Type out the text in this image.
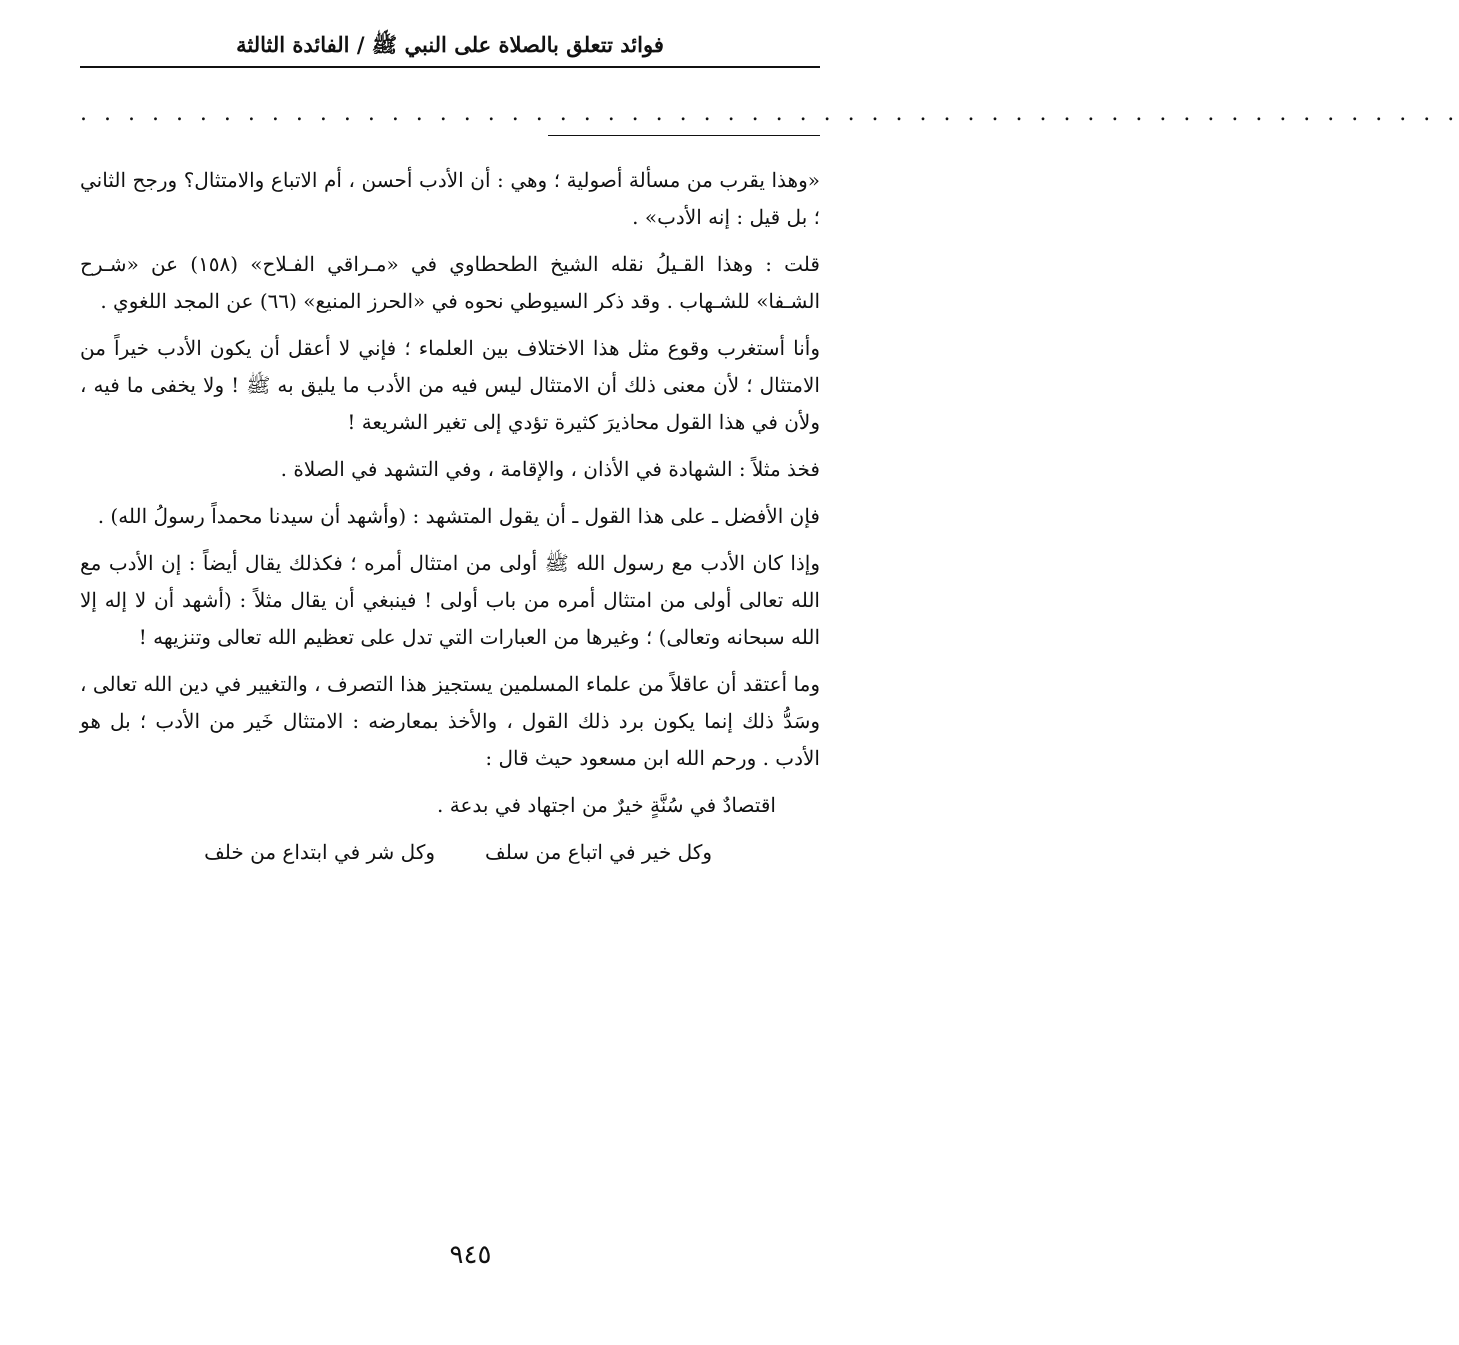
فوائد تتعلق بالصلاة على النبي ﷺ / الفائدة الثالثة
. . . . . . . . . . . . . . . . . . . . . . . . . . . . . . . . . . . . . . . . . . . . . . . . . . . . . . . . . .

«وهذا يقرب من مسألة أصولية ؛ وهي : أن الأدب أحسن ، أم الاتباع والامتثال؟ ورجح الثاني ؛ بل قيل : إنه الأدب» .

قلت : وهذا القـيلُ نقله الشيخ الطحطاوي في «مـراقي الفـلاح» (١٥٨) عن «شـرح الشـفا» للشـهاب . وقد ذكر السيوطي نحوه في «الحرز المنيع» (٦٦) عن المجد اللغوي .

وأنا أستغرب وقوع مثل هذا الاختلاف بين العلماء ؛ فإني لا أعقل أن يكون الأدب خيراً من الامتثال ؛ لأن معنى ذلك أن الامتثال ليس فيه من الأدب ما يليق به ﷺ ! ولا يخفى ما فيه ، ولأن في هذا القول محاذيرَ كثيرة تؤدي إلى تغير الشريعة !

فخذ مثلاً : الشهادة في الأذان ، والإقامة ، وفي التشهد في الصلاة .

فإن الأفضل ـ على هذا القول ـ أن يقول المتشهد : (وأشهد أن سيدنا محمداً رسولُ الله) .

وإذا كان الأدب مع رسول الله ﷺ أولى من امتثال أمره ؛ فكذلك يقال أيضاً : إن الأدب مع الله تعالى أولى من امتثال أمره من باب أولى ! فينبغي أن يقال مثلاً : (أشهد أن لا إله إلا الله سبحانه وتعالى) ؛ وغيرها من العبارات التي تدل على تعظيم الله تعالى وتنزيهه !

وما أعتقد أن عاقلاً من علماء المسلمين يستجيز هذا التصرف ، والتغيير في دين الله تعالى ، وسَدُّ ذلك إنما يكون برد ذلك القول ، والأخذ بمعارضه : الامتثال خَير من الأدب ؛ بل هو الأدب . ورحم الله ابن مسعود حيث قال :

اقتصادٌ في سُنَّةٍ خيرٌ من اجتهاد في بدعة .

وكل خير في اتباع من سلف
وكل شر في ابتداع من خلف
٩٤٥
